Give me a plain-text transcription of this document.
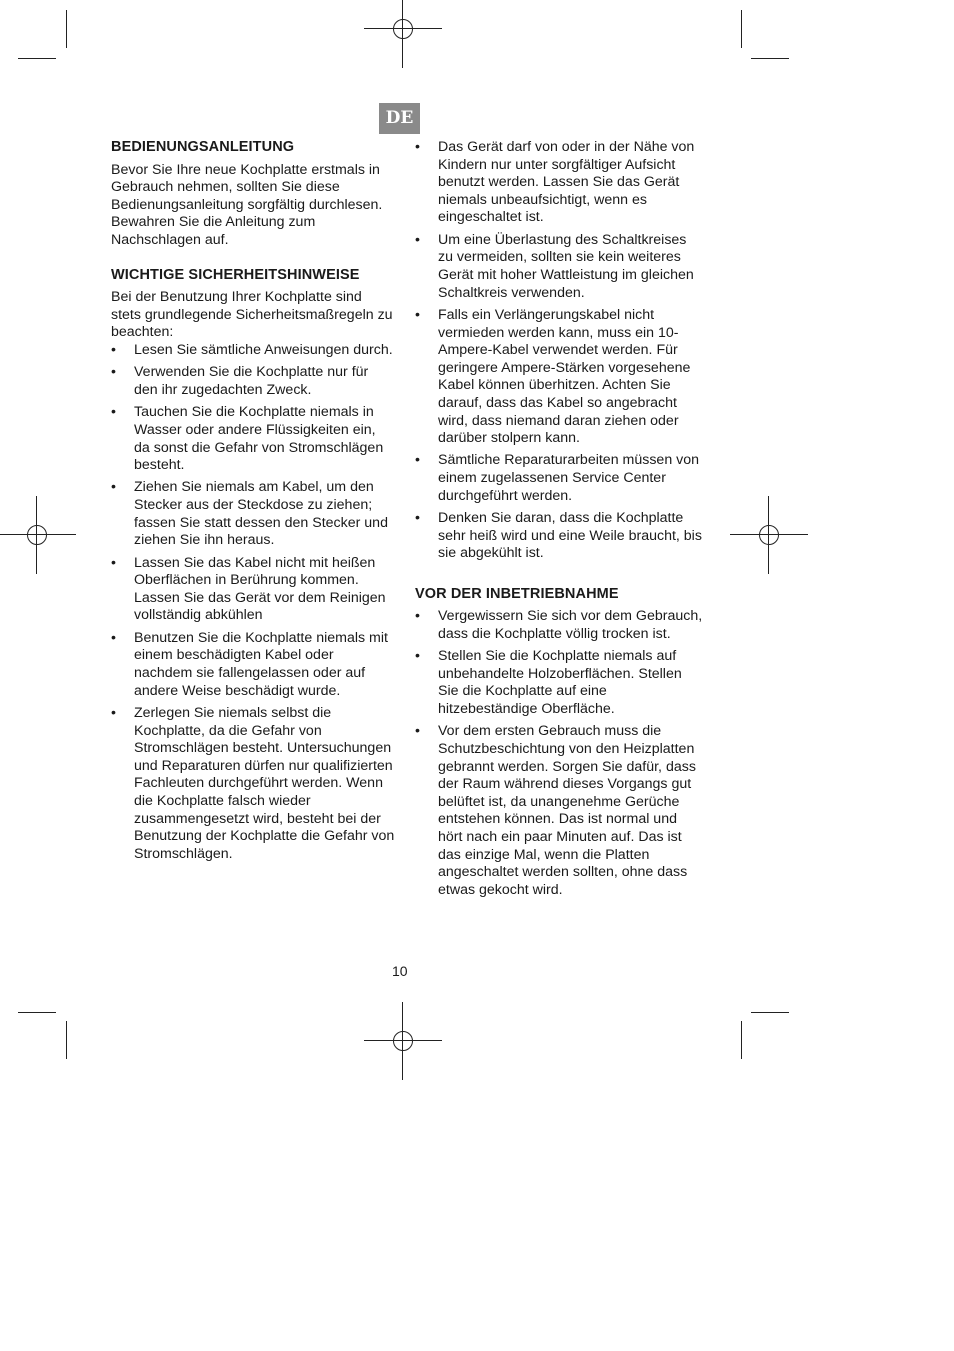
DE
BEDIENUNGSANLEITUNG

Bevor Sie Ihre neue Kochplatte erstmals in Gebrauch nehmen, sollten Sie diese Bedienungsanleitung sorgfältig durchlesen. Bewahren Sie die Anleitung zum Nachschlagen auf.

WICHTIGE SICHERHEITSHINWEISE

Bei der Benutzung Ihrer Kochplatte sind stets grundlegende Sicherheitsmaßregeln zu beachten:

• Lesen Sie sämtliche Anweisungen durch.
• Verwenden Sie die Kochplatte nur für den ihr zugedachten Zweck.
• Tauchen Sie die Kochplatte niemals in Wasser oder andere Flüssigkeiten ein, da sonst die Gefahr von Stromschlägen besteht.
• Ziehen Sie niemals am Kabel, um den Stecker aus der Steckdose zu ziehen; fassen Sie statt dessen den Stecker und ziehen Sie ihn heraus.
• Lassen Sie das Kabel nicht mit heißen Oberflächen in Berührung kommen. Lassen Sie das Gerät vor dem Reinigen vollständig abkühlen
• Benutzen Sie die Kochplatte niemals mit einem beschädigten Kabel oder nachdem sie fallengelassen oder auf andere Weise beschädigt wurde.
• Zerlegen Sie niemals selbst die Kochplatte, da die Gefahr von Stromschlägen besteht. Untersuchungen und Reparaturen dürfen nur qualifizierten Fachleuten durchgeführt werden. Wenn die Kochplatte falsch wieder zusammengesetzt wird, besteht bei der Benutzung der Kochplatte die Gefahr von Stromschlägen.
• Das Gerät darf von oder in der Nähe von Kindern nur unter sorgfältiger Aufsicht benutzt werden. Lassen Sie das Gerät niemals unbeaufsichtigt, wenn es eingeschaltet ist.
• Um eine Überlastung des Schaltkreises zu vermeiden, sollten sie kein weiteres Gerät mit hoher Wattleistung im gleichen Schaltkreis verwenden.
• Falls ein Verlängerungskabel nicht vermieden werden kann, muss ein 10-Ampere-Kabel verwendet werden. Für geringere Ampere-Stärken vorgesehene Kabel können überhitzen. Achten Sie darauf, dass das Kabel so angebracht wird, dass niemand daran ziehen oder darüber stolpern kann.
• Sämtliche Reparaturarbeiten müssen von einem zugelassenen Service Center durchgeführt werden.
• Denken Sie daran, dass die Kochplatte sehr heiß wird und eine Weile braucht, bis sie abgekühlt ist.
VOR DER INBETRIEBNAHME
• Vergewissern Sie sich vor dem Gebrauch, dass die Kochplatte völlig trocken ist.
• Stellen Sie die Kochplatte niemals auf unbehandelte Holzoberflächen. Stellen Sie die Kochplatte auf eine hitzebeständige Oberfläche.
• Vor dem ersten Gebrauch muss die Schutzbeschichtung von den Heizplatten gebrannt werden. Sorgen Sie dafür, dass der Raum während dieses Vorgangs gut belüftet ist, da unangenehme Gerüche entstehen können. Das ist normal und hört nach ein paar Minuten auf. Das ist das einzige Mal, wenn die Platten angeschaltet werden sollten, ohne dass etwas gekocht wird.
10
